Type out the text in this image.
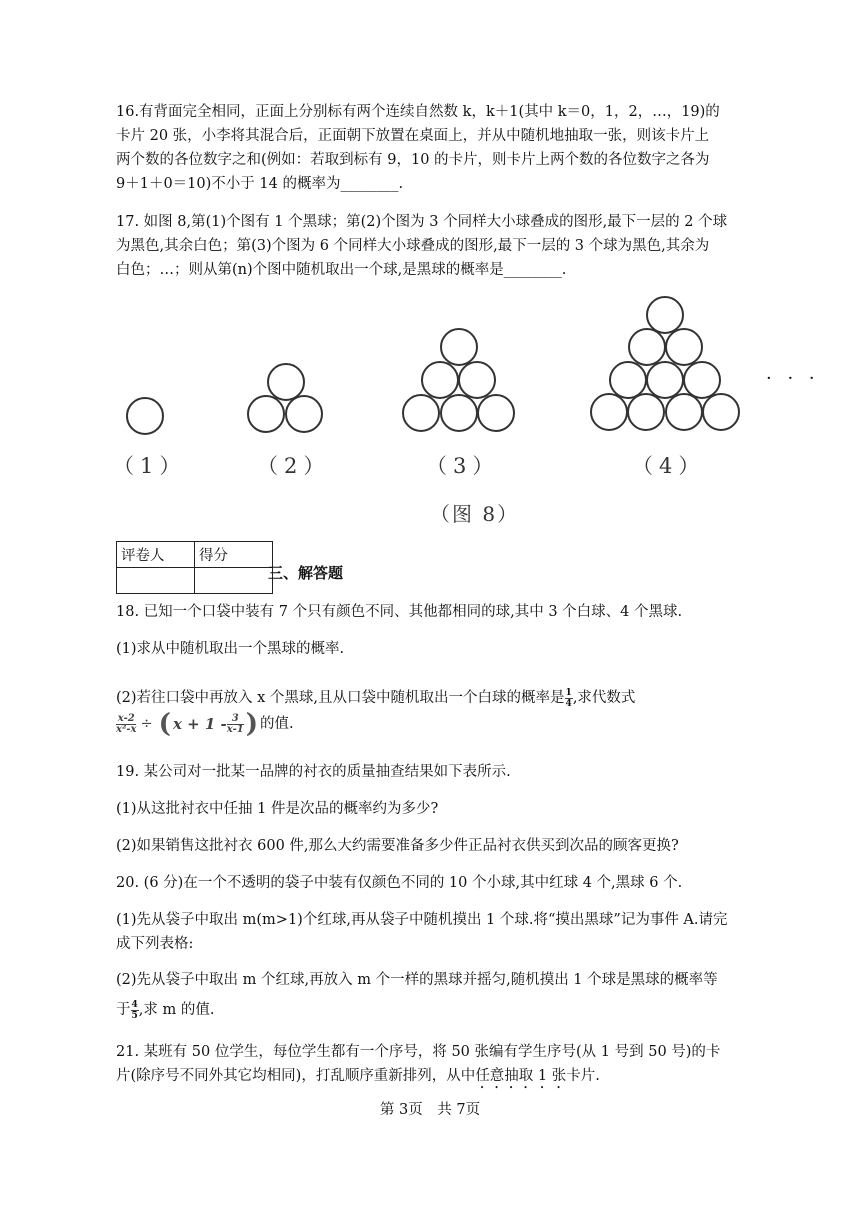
16.有背面完全相同，正面上分别标有两个连续自然数 k，k＋1(其中 k＝0，1，2，…，19)的
卡片 20 张，小李将其混合后，正面朝下放置在桌面上，并从中随机地抽取一张，则该卡片上
两个数的各位数字之和(例如：若取到标有 9，10 的卡片，则卡片上两个数的各位数字之各为
9＋1＋0＝10)不小于 14 的概率为________.
17. 如图 8,第(1)个图有 1 个黑球；第(2)个图为 3 个同样大小球叠成的图形,最下一层的 2 个球
为黑色,其余白色；第(3)个图为 6 个同样大小球叠成的图形,最下一层的 3 个球为黑色,其余为
白色；…；则从第(n)个图中随机取出一个球,是黑球的概率是________.
· · ·
（1）	（2）	（3）	（4）
（图 8）
评卷人	得分

三、解答题
18. 已知一个口袋中装有 7 个只有颜色不同、其他都相同的球,其中 3 个白球、4 个黑球.
(1)求从中随机取出一个黑球的概率.
(2)若往口袋中再放入 x 个黑球,且从口袋中随机取出一个白球的概率是 $\frac{1}{4}$ ,求代数式
$\frac{x-2}{\text{x²-x}}$ ÷ ( $x + 1 - \frac{3}{x-1}$ ) 的值.
19. 某公司对一批某一品牌的衬衣的质量抽查结果如下表所示.
(1)从这批衬衣中任抽 1 件是次品的概率约为多少?
(2)如果销售这批衬衣 600 件,那么大约需要准备多少件正品衬衣供买到次品的顾客更换?
20. (6 分)在一个不透明的袋子中装有仅颜色不同的 10 个小球,其中红球 4 个,黑球 6 个.
(1)先从袋子中取出 m(m>1)个红球,再从袋子中随机摸出 1 个球.将“摸出黑球”记为事件 A.请完
成下列表格:
(2)先从袋子中取出 m 个红球,再放入 m 个一样的黑球并摇匀,随机摸出 1 个球是黑球的概率等
于 $\frac{4}{5}$ ,求 m 的值.
21. 某班有 50 位学生，每位学生都有一个序号，将 50 张编有学生序号(从 1 号到 50 号)的卡
片(除序号不同外其它均相同)，打乱顺序重新排列，从中任意抽取 1 张卡片.
第 3页　共 7页
